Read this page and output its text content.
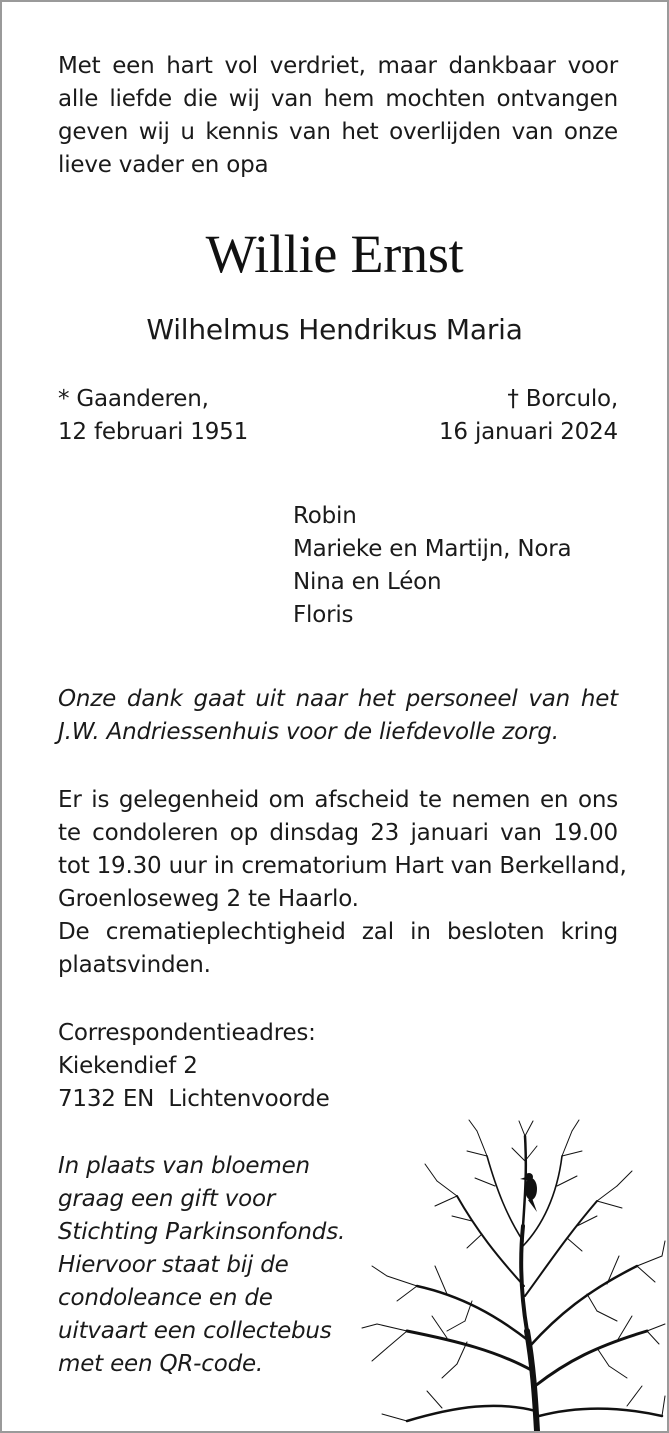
Met een hart vol verdriet, maar dankbaar voor
alle liefde die wij van hem mochten ontvangen
geven wij u kennis van het overlijden van onze
lieve vader en opa
Willie Ernst
Wilhelmus Hendrikus Maria
* Gaanderen,	† Borculo,
12 februari 1951	16 januari 2024
Robin
Marieke en Martijn, Nora
Nina en Léon
Floris
Onze dank gaat uit naar het personeel van het
J.W. Andriessenhuis voor de liefdevolle zorg.
Er is gelegenheid om afscheid te nemen en ons
te condoleren op dinsdag 23 januari van 19.00
tot 19.30 uur in crematorium Hart van Berkelland,
Groenloseweg 2 te Haarlo.
De crematieplechtigheid zal in besloten kring
plaatsvinden.
Correspondentieadres:
Kiekendief 2
7132 EN  Lichtenvoorde
In plaats van bloemen
graag een gift voor
Stichting Parkinsonfonds.
Hiervoor staat bij de
condoleance en de
uitvaart een collectebus
met een QR-code.
